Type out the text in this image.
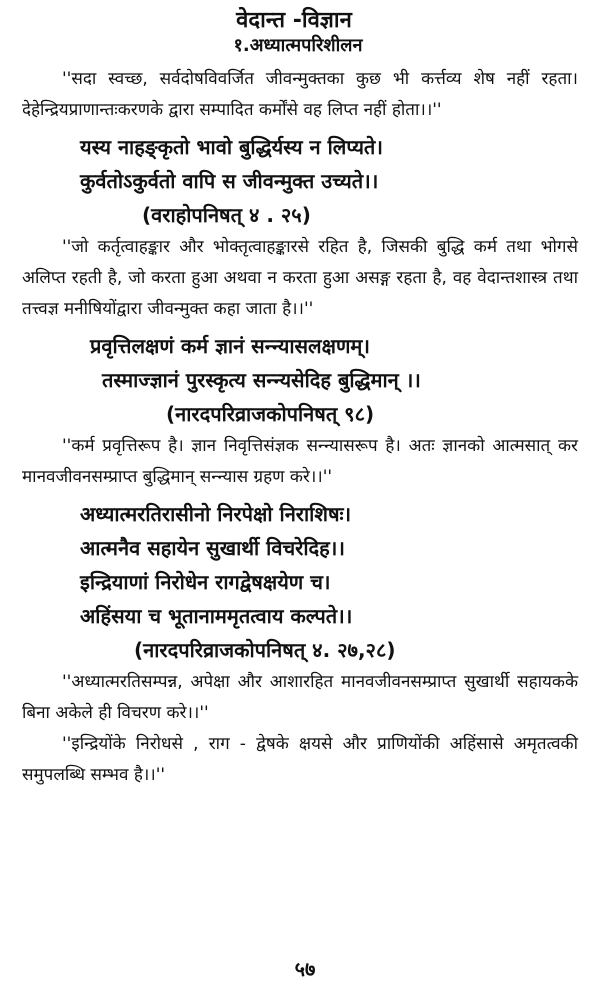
वेदान्त -विज्ञान
१.अध्यात्मपरिशीलन

''सदा स्वच्छ, सर्वदोषविवर्जित जीवन्मुक्तका कुछ भी कर्त्तव्य शेष नहीं रहता। देहेन्द्रियप्राणान्तःकरणके द्वारा सम्पादित कर्मोंसे वह लिप्त नहीं होता।।''

यस्य नाहङ्कृतो भावो बुद्धिर्यस्य न लिप्यते।
कुर्वतोऽकुर्वतो वापि स जीवन्मुक्त उच्यते।।

(वराहोपनिषत् ४ . २५)

''जो कर्तृत्वाहङ्कार और भोक्तृत्वाहङ्कारसे रहित है, जिसकी बुद्धि कर्म तथा भोगसे अलिप्त रहती है, जो करता हुआ अथवा न करता हुआ असङ्ग रहता है, वह वेदान्तशास्त्र तथा तत्त्वज्ञ मनीषियोंद्वारा जीवन्मुक्त कहा जाता है।।''

प्रवृत्तिलक्षणं कर्म ज्ञानं सन्न्यासलक्षणम्।
तस्माज्ज्ञानं पुरस्कृत्य सन्न्यसेदिह बुद्धिमान् ।।

(नारदपरिव्राजकोपनिषत् ९८)

''कर्म प्रवृत्तिरूप है। ज्ञान निवृत्तिसंज्ञक सन्न्यासरूप है। अतः ज्ञानको आत्मसात् कर मानवजीवनसम्प्राप्त बुद्धिमान् सन्न्यास ग्रहण करे।।''

अध्यात्मरतिरासीनो निरपेक्षो निराशिषः।
आत्मनैव सहायेन सुखार्थी विचरेदिह।।
इन्द्रियाणां निरोधेन रागद्वेषक्षयेण च।
अहिंसया च भूतानाममृतत्वाय कल्पते।।

(नारदपरिव्राजकोपनिषत् ४. २७,२८)

''अध्यात्मरतिसम्पन्न, अपेक्षा और आशारहित मानवजीवनसम्प्राप्त सुखार्थी सहायकके बिना अकेले ही विचरण करे।।''

''इन्द्रियोंके निरोधसे , राग - द्वेषके क्षयसे और प्राणियोंकी अहिंसासे अमृतत्वकी समुपलब्धि सम्भव है।।''

५७
